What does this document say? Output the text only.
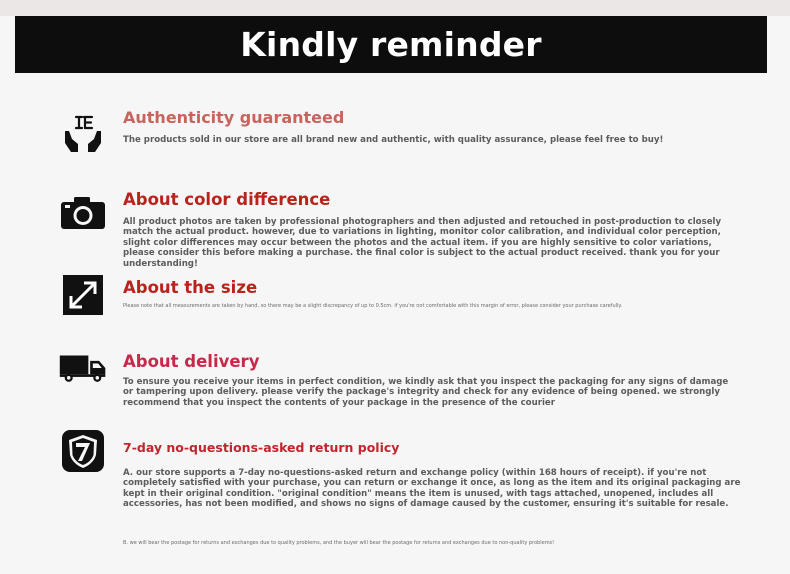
Kindly reminder
Authenticity guaranteed
The products sold in our store are all brand new and authentic, with quality assurance, please feel free to buy!
About color difference
All product photos are taken by professional photographers and then adjusted and retouched in post-production to closely match the actual product. however, due to variations in lighting, monitor color calibration, and individual color perception, slight color differences may occur between the photos and the actual item. if you are highly sensitive to color variations, please consider this before making a purchase. the final color is subject to the actual product received. thank you for your understanding!
About the size
Please note that all measurements are taken by hand, so there may be a slight discrepancy of up to 0.5cm. if you're not comfortable with this margin of error, please consider your purchase carefully.
About delivery
To ensure you receive your items in perfect condition, we kindly ask that you inspect the packaging for any signs of damage or tampering upon delivery. please verify the package's integrity and check for any evidence of being opened. we strongly recommend that you inspect the contents of your package in the presence of the courier
7-day no-questions-asked return policy
A. our store supports a 7-day no-questions-asked return and exchange policy (within 168 hours of receipt). if you're not completely satisfied with your purchase, you can return or exchange it once, as long as the item and its original packaging are kept in their original condition. "original condition" means the item is unused, with tags attached, unopened, includes all accessories, has not been modified, and shows no signs of damage caused by the customer, ensuring it's suitable for resale.
B. we will bear the postage for returns and exchanges due to quality problems, and the buyer will bear the postage for returns and exchanges due to non-quality problems!
